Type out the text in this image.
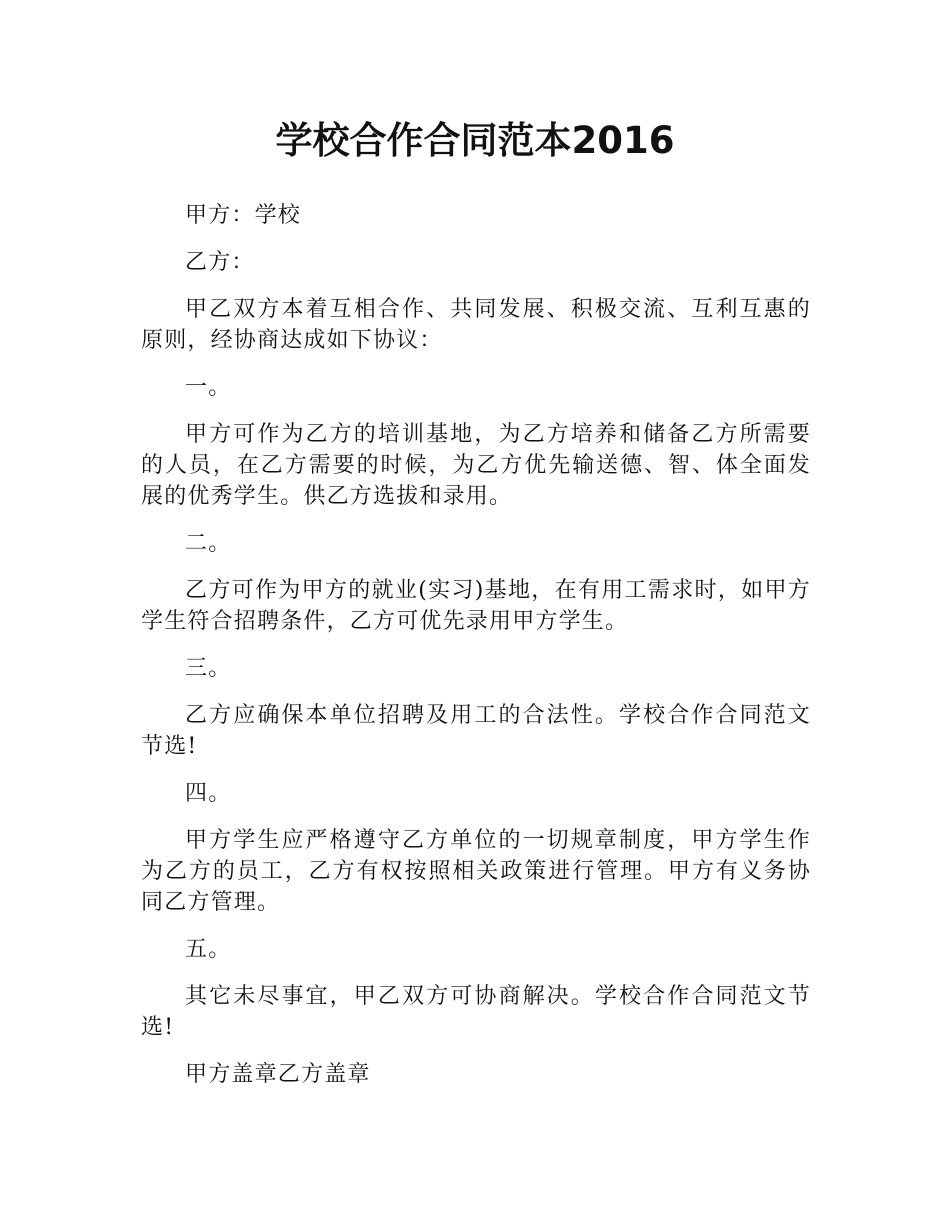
学校合作合同范本2016

甲方：学校

乙方：

甲乙双方本着互相合作、共同发展、积极交流、互利互惠的原则，经协商达成如下协议：

一。

甲方可作为乙方的培训基地，为乙方培养和储备乙方所需要的人员，在乙方需要的时候，为乙方优先输送德、智、体全面发展的优秀学生。供乙方选拔和录用。

二。

乙方可作为甲方的就业(实习)基地，在有用工需求时，如甲方学生符合招聘条件，乙方可优先录用甲方学生。

三。

乙方应确保本单位招聘及用工的合法性。学校合作合同范文节选!

四。

甲方学生应严格遵守乙方单位的一切规章制度，甲方学生作为乙方的员工，乙方有权按照相关政策进行管理。甲方有义务协同乙方管理。

五。

其它未尽事宜，甲乙双方可协商解决。学校合作合同范文节选!

甲方盖章乙方盖章
